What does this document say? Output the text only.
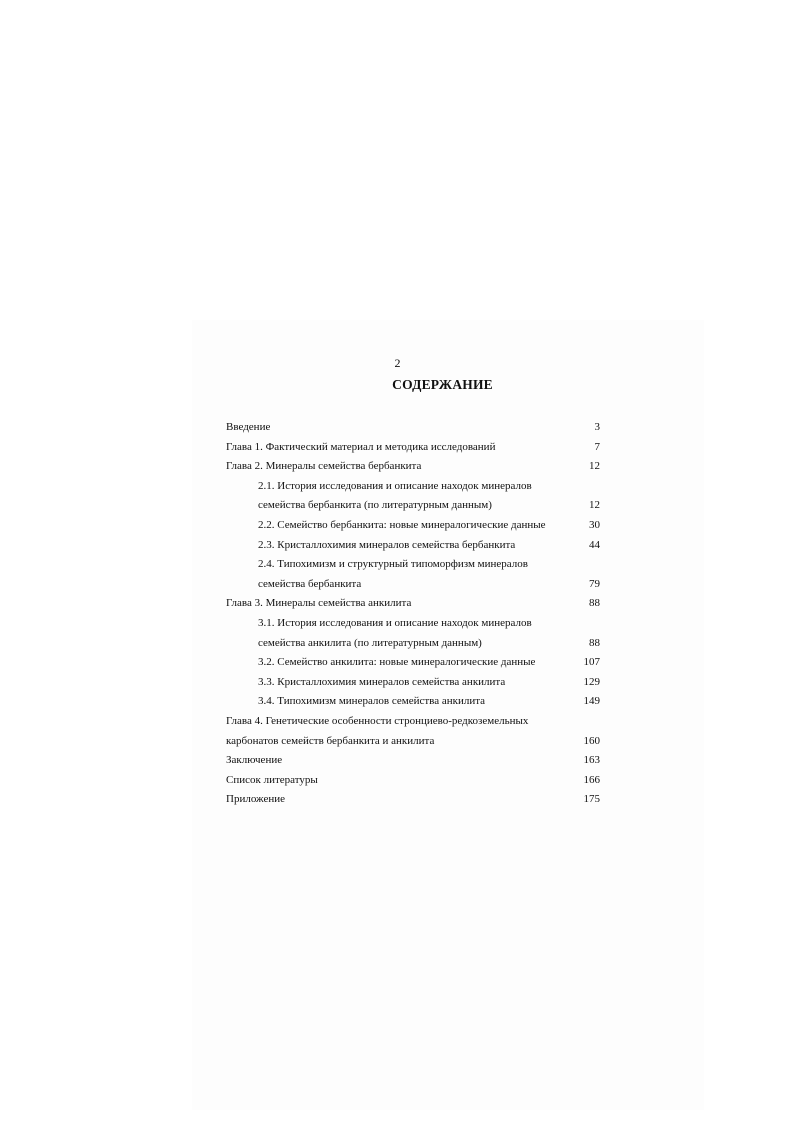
2
СОДЕРЖАНИЕ
Введение	3
Глава 1. Фактический материал и методика исследований	7
Глава 2. Минералы семейства бербанкита	12
2.1. История исследования и описание находок минералов
семейства бербанкита (по литературным данным)	12
2.2. Семейство бербанкита: новые минералогические данные	30
2.3. Кристаллохимия минералов семейства бербанкита	44
2.4. Типохимизм и структурный типоморфизм минералов
семейства бербанкита	79
Глава 3. Минералы семейства анкилита	88
3.1. История исследования и описание находок минералов
семейства анкилита (по литературным данным)	88
3.2. Семейство анкилита: новые минералогические данные	107
3.3. Кристаллохимия минералов семейства анкилита	129
3.4. Типохимизм минералов семейства анкилита	149
Глава 4. Генетические особенности стронциево-редкоземельных
карбонатов семейств бербанкита и анкилита	160
Заключение	163
Список литературы	166
Приложение	175
